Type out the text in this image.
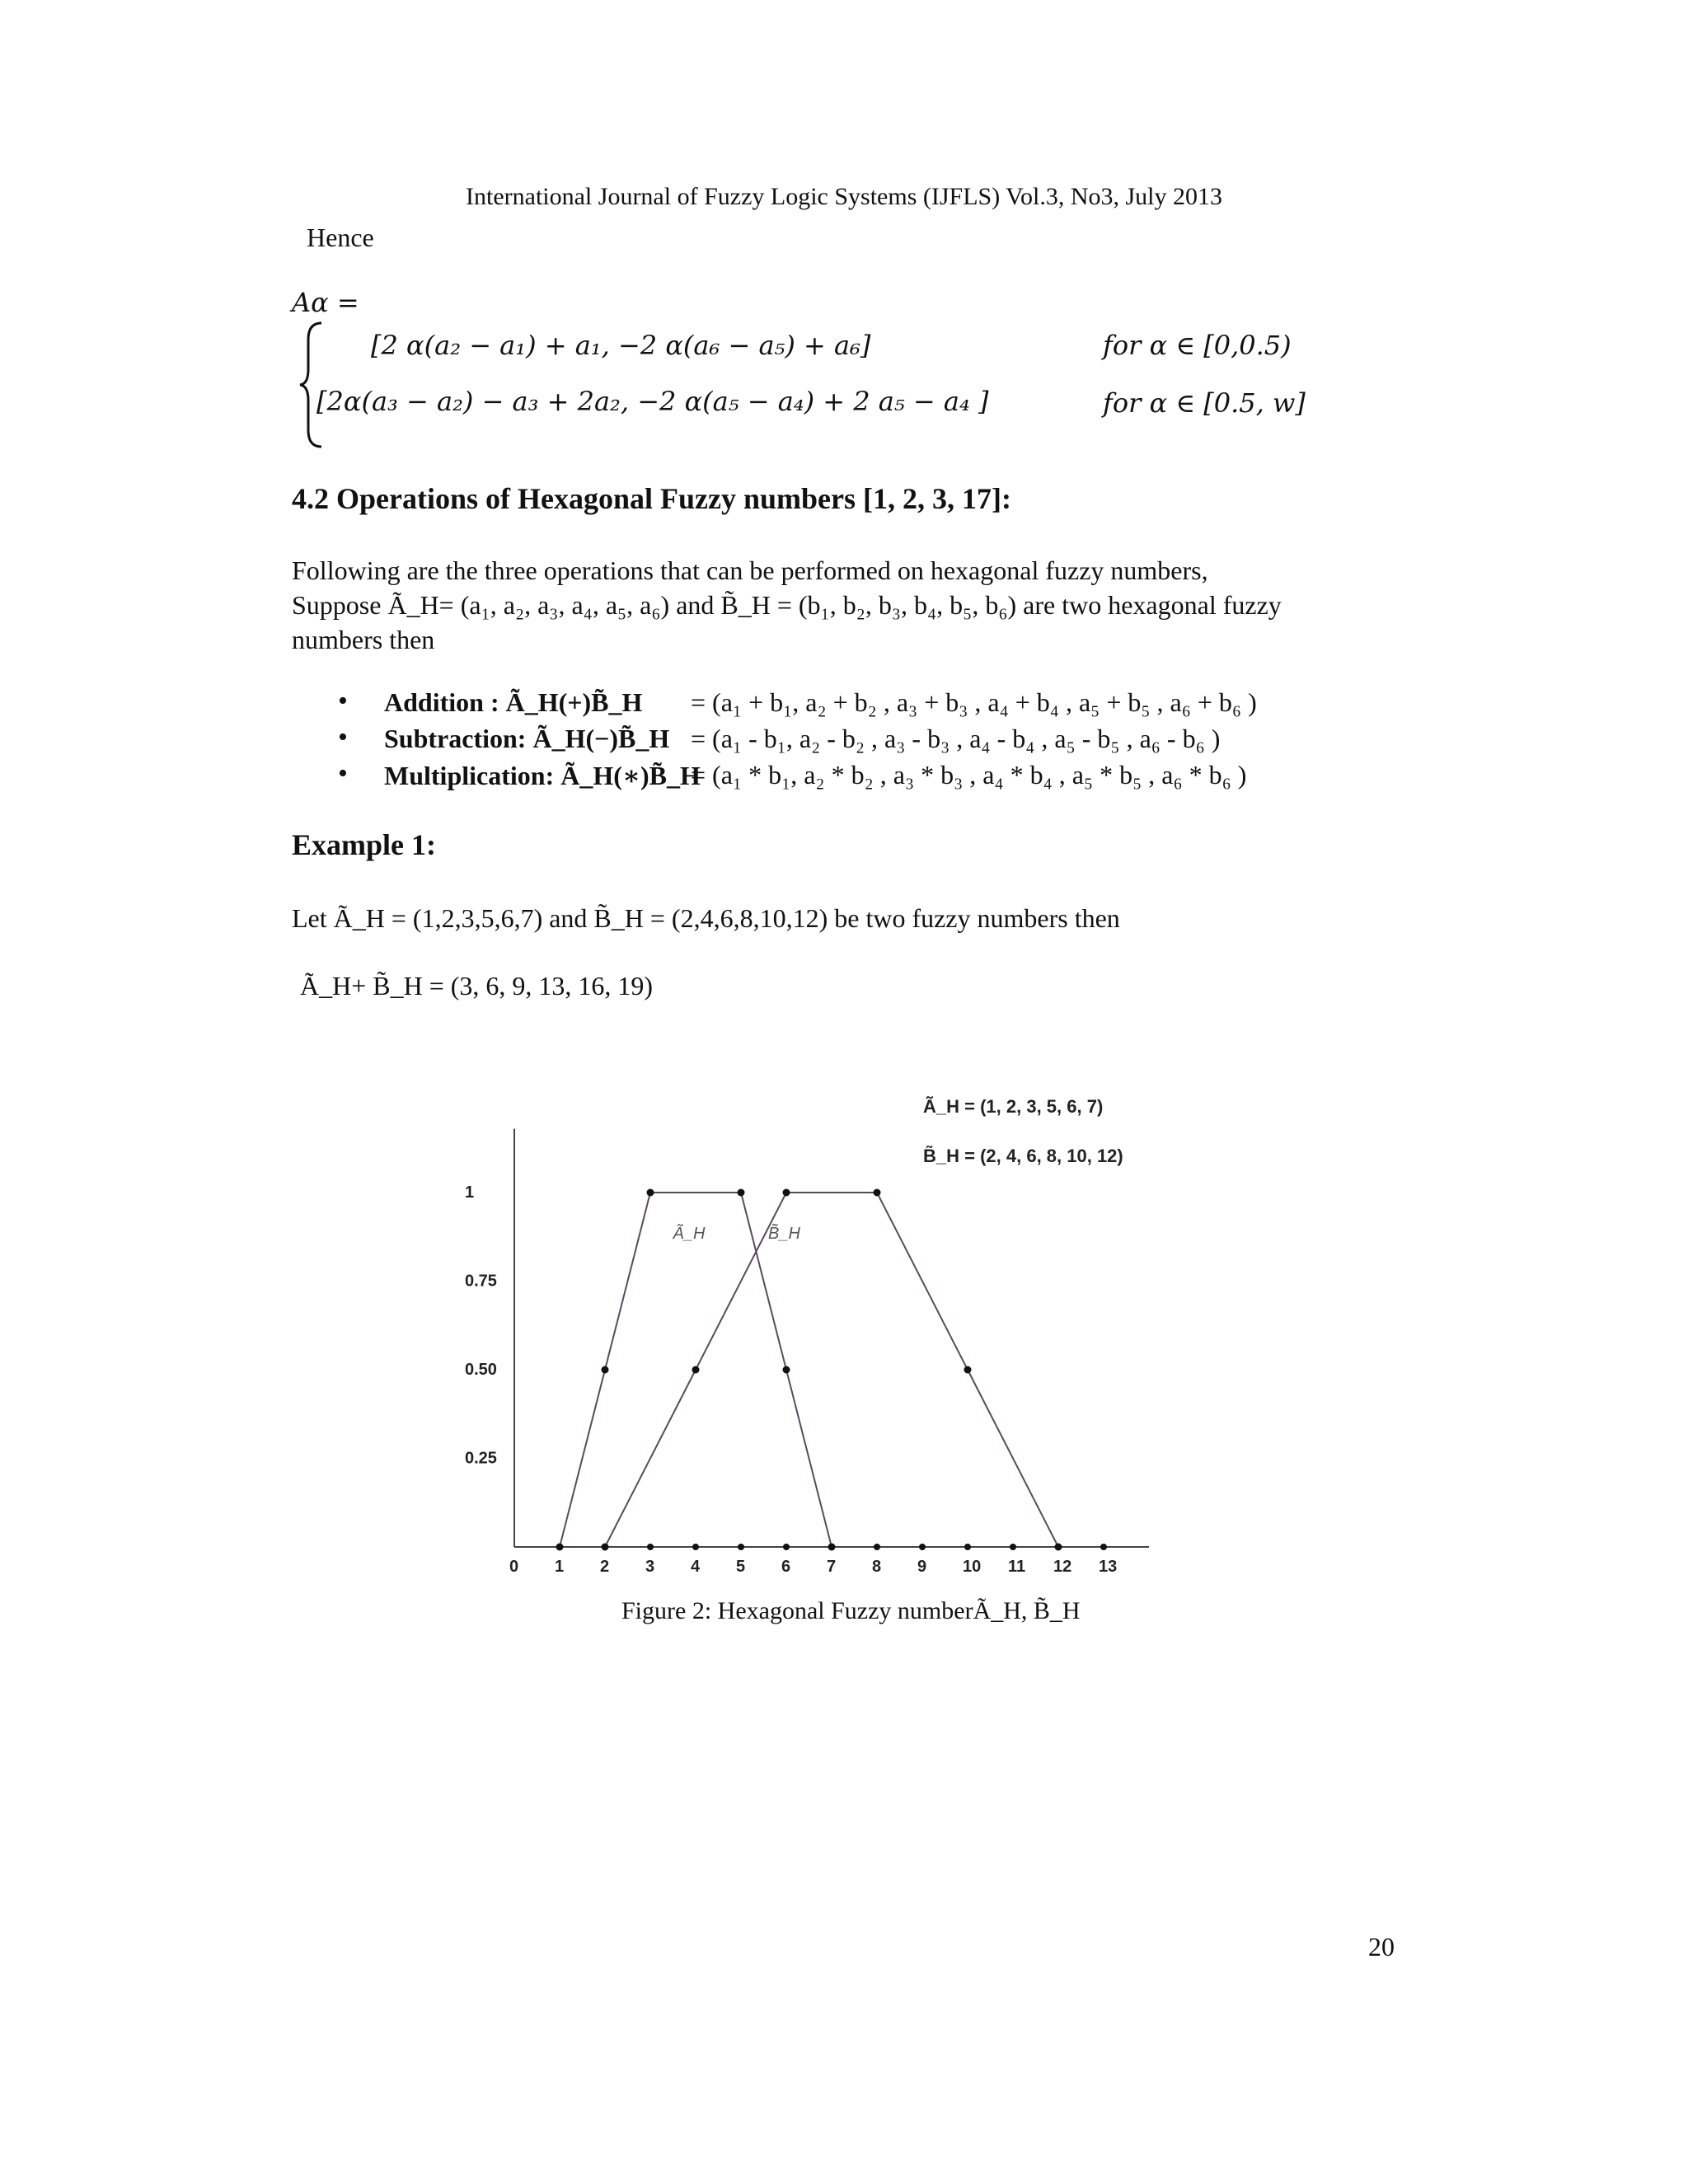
International Journal of Fuzzy Logic Systems (IJFLS) Vol.3, No3, July 2013
Hence
Aα =
[2 α(a₂ − a₁) + a₁, −2 α(a₆ − a₅) + a₆]	for α ∈ [0,0.5)
[2α(a₃ − a₂) − a₃ + 2a₂, −2 α(a₅ − a₄) + 2 a₅ − a₄ ]	for α ∈ [0.5, w]
4.2 Operations of Hexagonal Fuzzy numbers [1, 2, 3, 17]:
Following are the three operations that can be performed on hexagonal fuzzy numbers,
Suppose Ã_H= (a₁, a₂, a₃, a₄, a₅, a₆) and B̃_H = (b₁, b₂, b₃, b₄, b₅, b₆) are two hexagonal fuzzy
numbers then
• Addition : Ã_H(+)B̃_H = (a₁ + b₁, a₂ + b₂ , a₃ + b₃ , a₄ + b₄ , a₅ + b₅ , a₆ + b₆ )
• Subtraction: Ã_H(−)B̃_H = (a₁ - b₁, a₂ - b₂ , a₃ - b₃ , a₄ - b₄ , a₅ - b₅ , a₆ - b₆ )
• Multiplication: Ã_H(∗)B̃_H
= (a₁ * b₁, a₂ * b₂ , a₃ * b₃ , a₄ * b₄ , a₅ * b₅ , a₆ * b₆ )
Example 1:
Let Ã_H = (1,2,3,5,6,7) and B̃_H = (2,4,6,8,10,12) be two fuzzy numbers then
Ã_H+ B̃_H = (3, 6, 9, 13, 16, 19)
0 1 2 3 4 5 6 7 8 9 10 11 12 13
0.25
0.50
0.75
1
Ã_H	B̃_H
Ã_H = (1, 2, 3, 5, 6, 7)
B̃_H = (2, 4, 6, 8, 10, 12)
Figure 2: Hexagonal Fuzzy numberÃ_H, B̃_H
20
